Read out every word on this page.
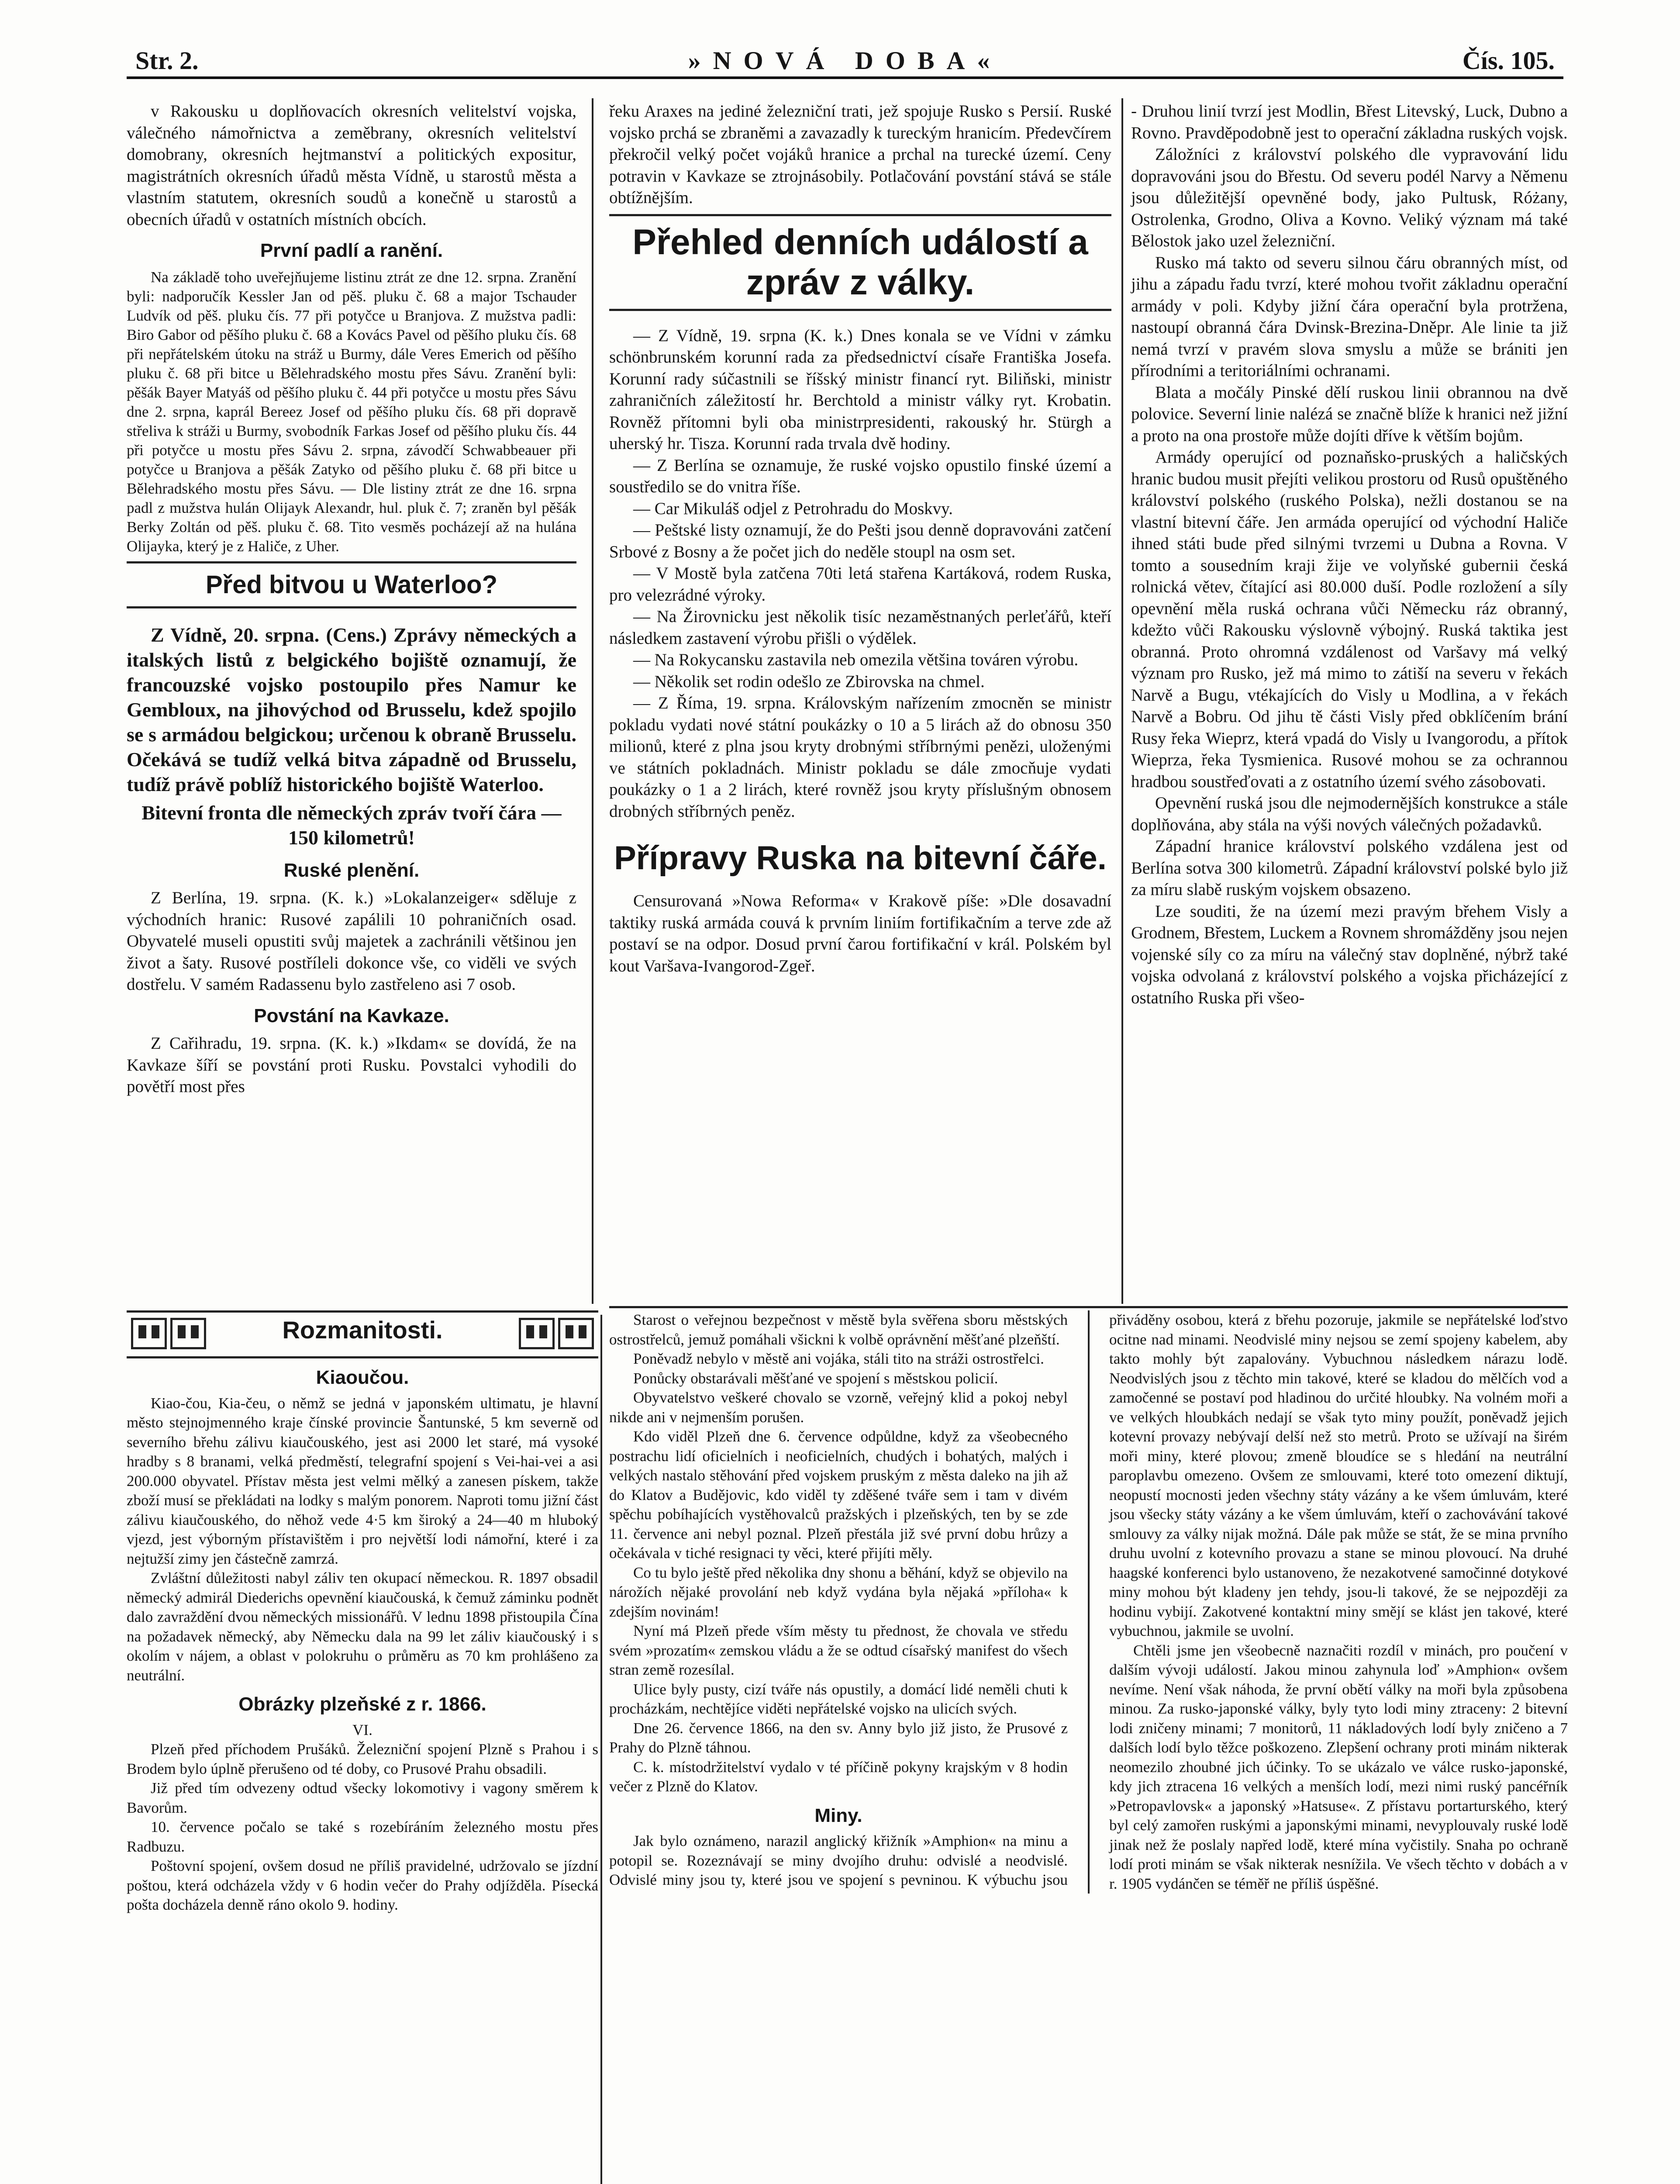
Str. 2.	»NOVÁ DOBA«	Čís. 105.

v Rakousku u doplňovacích okresních velitelství vojska, válečného námořnictva a zeměbrany, okresních velitelství domobrany, okresních hejtmanství a politických expositur, magistrátních okresních úřadů města Vídně, u starostů města a vlastním statutem, okresních soudů a konečně u starostů a obecních úřadů v ostatních místních obcích.

První padlí a ranění.

Na základě toho uveřejňujeme listinu ztrát ze dne 12. srpna. Zranění byli: nadporučík Kessler Jan od pěš. pluku č. 68 a major Tschauder Ludvík od pěš. pluku čís. 77 při potyčce u Branjova. Z mužstva padli: Biro Gabor od pěšího pluku č. 68 a Kovács Pavel od pěšího pluku čís. 68 při nepřátelském útoku na stráž u Burmy, dále Veres Emerich od pěšího pluku č. 68 při bitce u Bělehradského mostu přes Sávu. Zranění byli: pěšák Bayer Matyáš od pěšího pluku č. 44 při potyčce u mostu přes Sávu dne 2. srpna, kaprál Bereez Josef od pěšího pluku čís. 68 při dopravě střeliva k stráži u Burmy, svobodník Farkas Josef od pěšího pluku čís. 44 při potyčce u mostu přes Sávu 2. srpna, závodčí Schwabbeauer při potyčce u Branjova a pěšák Zatyko od pěšího pluku č. 68 při bitce u Bělehradského mostu přes Sávu. — Dle listiny ztrát ze dne 16. srpna padl z mužstva hulán Olijayk Alexandr, hul. pluk č. 7; zraněn byl pěšák Berky Zoltán od pěš. pluku č. 68. Tito vesměs pocházejí až na hulána Olijayka, který je z Haliče, z Uher.

Před bitvou u Waterloo?

Z Vídně, 20. srpna. (Cens.) Zprávy německých a italských listů z belgického bojiště oznamují, že francouzské vojsko postoupilo přes Namur ke Gembloux, na jihovýchod od Brusselu, kdež spojilo se s armádou belgickou; určenou k obraně Brusselu. Očekává se tudíž velká bitva západně od Brusselu, tudíž právě poblíž historického bojiště Waterloo.

Bitevní fronta dle německých zpráv tvoří čára — 150 kilometrů!

Ruské plenění.

Z Berlína, 19. srpna. (K. k.) »Lokalanzeiger« sděluje z východních hranic: Rusové zapálili 10 pohraničních osad. Obyvatelé museli opustiti svůj majetek a zachránili většinou jen život a šaty. Rusové postříleli dokonce vše, co viděli ve svých dostřelu. V samém Radassenu bylo zastřeleno asi 7 osob.

Povstání na Kavkaze.

Z Cařihradu, 19. srpna. (K. k.) »Ikdam« se dovídá, že na Kavkaze šíří se povstání proti Rusku. Povstalci vyhodili do povětří most přes

řeku Araxes na jediné železniční trati, jež spojuje Rusko s Persií. Ruské vojsko prchá se zbraněmi a zavazadly k tureckým hranicím. Předevčírem překročil velký počet vojáků hranice a prchal na turecké území. Ceny potravin v Kavkaze se ztrojnásobily. Potlačování povstání stává se stále obtížnějším.

Přehled denních událostí a zpráv z války.

— Z Vídně, 19. srpna (K. k.) Dnes konala se ve Vídni v zámku schönbrunském korunní rada za předsednictví císaře Františka Josefa. Korunní rady súčastnili se říšský ministr financí ryt. Biliňski, ministr zahraničních záležitostí hr. Berchtold a ministr války ryt. Krobatin. Rovněž přítomni byli oba ministrpresidenti, rakouský hr. Stürgh a uherský hr. Tisza. Korunní rada trvala dvě hodiny.

— Z Berlína se oznamuje, že ruské vojsko opustilo finské území a soustředilo se do vnitra říše.

— Car Mikuláš odjel z Petrohradu do Moskvy.

— Peštské listy oznamují, že do Pešti jsou denně dopravováni zatčení Srbové z Bosny a že počet jich do neděle stoupl na osm set.

— V Mostě byla zatčena 70ti letá stařena Kartáková, rodem Ruska, pro velezrádné výroky.

— Na Žirovnicku jest několik tisíc nezaměstnaných perleťářů, kteří následkem zastavení výrobu přišli o výdělek.

— Na Rokycansku zastavila neb omezila většina továren výrobu.

— Několik set rodin odešlo ze Zbirovska na chmel.

— Z Říma, 19. srpna. Královským nařízením zmocněn se ministr pokladu vydati nové státní poukázky o 10 a 5 lirách až do obnosu 350 milionů, které z plna jsou kryty drobnými stříbrnými penězi, uloženými ve státních pokladnách. Ministr pokladu se dále zmocňuje vydati poukázky o 1 a 2 lirách, které rovněž jsou kryty příslušným obnosem drobných stříbrných peněz.

Přípravy Ruska na bitevní čáře.

Censurovaná »Nowa Reforma« v Krakově píše: »Dle dosavadní taktiky ruská armáda couvá k prvním liniím fortifikačním a terve zde až postaví se na odpor. Dosud první čarou fortifikační v král. Polském byl kout Varšava-Ivangorod-Zgeř.

- Druhou linií tvrzí jest Modlin, Břest Litevský, Luck, Dubno a Rovno. Pravděpodobně jest to operační základna ruských vojsk.

Záložníci z království polského dle vypravování lidu dopravováni jsou do Břestu. Od severu podél Narvy a Němenu jsou důležitější opevněné body, jako Pultusk, Różany, Ostrolenka, Grodno, Oliva a Kovno. Veliký význam má také Bělostok jako uzel železniční.

Rusko má takto od severu silnou čáru obranných míst, od jihu a západu řadu tvrzí, které mohou tvořit základnu operační armády v poli. Kdyby jižní čára operační byla protržena, nastoupí obranná čára Dvinsk-Brezina-Dněpr. Ale linie ta již nemá tvrzí v pravém slova smyslu a může se brániti jen přírodními a teritoriálními ochranami.

Blata a močály Pinské dělí ruskou linii obrannou na dvě polovice. Severní linie nalézá se značně blíže k hranici než jižní a proto na ona prostoře může dojíti dříve k větším bojům.

Armády operující od poznaňsko-pruských a haličských hranic budou musit přejíti velikou prostoru od Rusů opuštěného království polského (ruského Polska), nežli dostanou se na vlastní bitevní čáře. Jen armáda operující od východní Haliče ihned státi bude před silnými tvrzemi u Dubna a Rovna. V tomto a sousedním kraji žije ve volyňské gubernii česká rolnická větev, čítající asi 80.000 duší. Podle rozložení a síly opevnění měla ruská ochrana vůči Německu ráz obranný, kdežto vůči Rakousku výslovně výbojný. Ruská taktika jest obranná. Proto ohromná vzdálenost od Varšavy má velký význam pro Rusko, jež má mimo to zátiší na severu v řekách Narvě a Bugu, vtékajících do Visly u Modlina, a v řekách Narvě a Bobru. Od jihu tě části Visly před obklíčením brání Rusy řeka Wieprz, která vpadá do Visly u Ivangorodu, a přítok Wieprza, řeka Tysmienica. Rusové mohou se za ochrannou hradbou soustřeďovati a z ostatního území svého zásobovati.

Opevnění ruská jsou dle nejmodernějších konstrukce a stále doplňována, aby stála na výši nových válečných požadavků.

Západní hranice království polského vzdálena jest od Berlína sotva 300 kilometrů. Západní království polské bylo již za míru slabě ruským vojskem obsazeno.

Lze souditi, že na území mezi pravým břehem Visly a Grodnem, Břestem, Luckem a Rovnem shromážděny jsou nejen vojenské síly co za míru na válečný stav doplněné, nýbrž také vojska odvolaná z království polského a vojska přicházející z ostatního Ruska při všeo-

Rozmanitosti.

Kiaoučou.

Kiao-čou, Kia-čeu, o němž se jedná v japonském ultimatu, je hlavní město stejnojmenného kraje čínské provincie Šantunské, 5 km severně od severního břehu zálivu kiaučouského, jest asi 2000 let staré, má vysoké hradby s 8 branami, velká předměstí, telegrafní spojení s Vei-hai-vei a asi 200.000 obyvatel. Přístav města jest velmi mělký a zanesen pískem, takže zboží musí se překládati na lodky s malým ponorem. Naproti tomu jižní část zálivu kiaučouského, do něhož vede 4·5 km široký a 24—40 m hluboký vjezd, jest výborným přístavištěm i pro největší lodi námořní, které i za nejtužší zimy jen částečně zamrzá.

Zvláštní důležitosti nabyl záliv ten okupací německou. R. 1897 obsadil německý admirál Diederichs opevnění kiaučouská, k čemuž záminku podnět dalo zavraždění dvou německých missionářů. V lednu 1898 přistoupila Čína na požadavek německý, aby Německu dala na 99 let záliv kiaučouský i s okolím v nájem, a oblast v polokruhu o průměru as 70 km prohlášeno za neutrální.

Obrázky plzeňské z r. 1866.

VI.

Plzeň před příchodem Prušáků. Železniční spojení Plzně s Prahou i s Brodem bylo úplně přerušeno od té doby, co Prusové Prahu obsadili.

Již před tím odvezeny odtud všecky lokomotivy i vagony směrem k Bavorům.

10. července počalo se také s rozebíráním železného mostu přes Radbuzu.

Poštovní spojení, ovšem dosud ne příliš pravidelné, udržovalo se jízdní poštou, která odcházela vždy v 6 hodin večer do Prahy odjížděla. Písecká pošta docházela denně ráno okolo 9. hodiny.

Starost o veřejnou bezpečnost v městě byla svěřena sboru městských ostrostřelců, jemuž pomáhali všickni k volbě oprávnění měšťané plzeňští.

Poněvadž nebylo v městě ani vojáka, stáli tito na stráži ostrostřelci.

Ponůcky obstarávali měšťané ve spojení s městskou policií.

Obyvatelstvo veškeré chovalo se vzorně, veřejný klid a pokoj nebyl nikde ani v nejmenším porušen.

Kdo viděl Plzeň dne 6. července odpůldne, když za všeobecného postrachu lidí oficielních i neoficielních, chudých i bohatých, malých i velkých nastalo stěhování před vojskem pruským z města daleko na jih až do Klatov a Budějovic, kdo viděl ty zděšené tváře sem i tam v divém spěchu pobíhajících vystěhovalců pražských i plzeňských, ten by se zde 11. července ani nebyl poznal. Plzeň přestála již své první dobu hrůzy a očekávala v tiché resignaci ty věci, které přijíti měly.

Co tu bylo ještě před několika dny shonu a běhání, když se objevilo na nárožích nějaké provolání neb když vydána byla nějaká »příloha« k zdejším novinám!

Nyní má Plzeň přede vším městy tu přednost, že chovala ve středu svém »prozatím« zemskou vládu a že se odtud císařský manifest do všech stran země rozesílal.

Ulice byly pusty, cizí tváře nás opustily, a domácí lidé neměli chuti k procházkám, nechtějíce viděti nepřátelské vojsko na ulicích svých.

Dne 26. července 1866, na den sv. Anny bylo již jisto, že Prusové z Prahy do Plzně táhnou.

C. k. místodržitelství vydalo v té příčině pokyny krajským v 8 hodin večer z Plzně do Klatov.

Miny.

Jak bylo oznámeno, narazil anglický křižník »Amphion« na minu a potopil se. Rozeznávají se miny dvojího druhu: odvislé a neodvislé. Odvislé miny jsou ty, které jsou ve spojení s pevninou. K výbuchu jsou přiváděny osobou, která z břehu pozoruje, jakmile se nepřátelské loďstvo ocitne nad minami. Neodvislé miny nejsou se zemí spojeny kabelem, aby takto mohly být zapalovány. Vybuchnou následkem nárazu lodě. Neodvislých jsou z těchto min takové, které se kladou do mělčích vod a zamočenné se postaví pod hladinou do určité hloubky. Na volném moři a ve velkých hloubkách nedají se však tyto miny použít, poněvadž jejich kotevní provazy nebývají delší než sto metrů. Proto se užívají na širém moři miny, které plovou; zmeně bloudíce se s hledání na neutrální paroplavbu omezeno. Ovšem ze smlouvami, které toto omezení diktují, neopustí mocnosti jeden všechny státy vázány a ke všem úmluvám, které jsou všecky státy vázány a ke všem úmluvám, kteří o zachovávání takové smlouvy za války nijak možná. Dále pak může se stát, že se mina prvního druhu uvolní z kotevního provazu a stane se minou plovoucí. Na druhé haagské konferenci bylo ustanoveno, že nezakotvené samočinné dotykové miny mohou být kladeny jen tehdy, jsou-li takové, že se nejpozději za hodinu vybijí. Zakotvené kontaktní miny smějí se klást jen takové, které vybuchnou, jakmile se uvolní.

Chtěli jsme jen všeobecně naznačiti rozdíl v minách, pro poučení v dalším vývoji událostí. Jakou minou zahynula loď »Amphion« ovšem nevíme. Není však náhoda, že první obětí války na moři byla způsobena minou. Za rusko-japonské války, byly tyto lodi miny ztraceny: 2 bitevní lodi zničeny minami; 7 monitorů, 11 nákladových lodí byly zničeno a 7 dalších lodí bylo těžce poškozeno. Zlepšení ochrany proti minám nikterak neomezilo zhoubné jich účinky. To se ukázalo ve válce rusko-japonské, kdy jich ztracena 16 velkých a menších lodí, mezi nimi ruský pancéřník »Petropavlovsk« a japonský »Hatsuse«. Z přístavu portarturského, který byl celý zamořen ruskými a japonskými minami, nevyplouvaly ruské lodě jinak než že poslaly napřed lodě, které mína vyčistily. Snaha po ochraně lodí proti minám se však nikterak nesnížila. Ve všech těchto v dobách a v r. 1905 vydánčen se téměř ne příliš úspěšné.
